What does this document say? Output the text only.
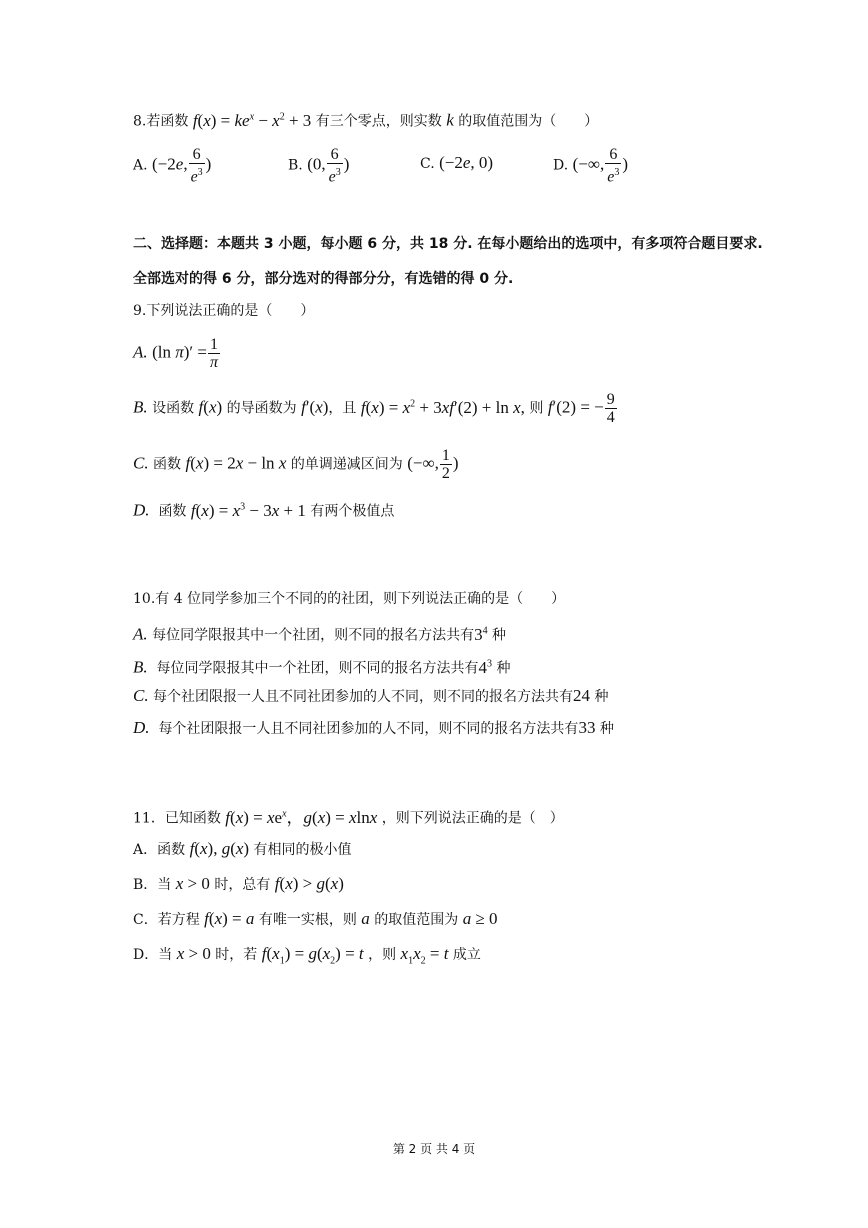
8.若函数 $f(x) = ke^x - x^2 + 3$ 有三个零点，则实数 k 的取值范围为（　　）
A. (−2e, $\frac{6}{e^3}$ )	B. (0, $\frac{6}{e^3}$ )	C. (−2e, 0)	D. (−∞, $\frac{6}{e^3}$ )
二、选择题：本题共 3 小题，每小题 6 分，共 18 分. 在每小题给出的选项中，有多项符合题目要求.
全部选对的得 6 分，部分选对的得部分分，有选错的得 0 分.
9.下列说法正确的是（　　）
A. (ln $\pi)' = \frac{1}{\pi}$
B. 设函数 f(x) 的导函数为 f′(x)，且 $f(x) = x^2 + 3xf'(2) + \ln x$, 则 f′(2) = − $\frac{9}{4}$
C. 函数 f(x) = 2x − ln x 的单调递减区间为 (−∞, $\frac{1}{2}$ )
D. 函数 $f(x) = x^3 - 3x + 1$ 有两个极值点
10.有 4 位同学参加三个不同的的社团，则下列说法正确的是（　　）
A. 每位同学限报其中一个社团，则不同的报名方法共有$3^4$ 种
B. 每位同学限报其中一个社团，则不同的报名方法共有$4^3$ 种
C. 每个社团限报一人且不同社团参加的人不同，则不同的报名方法共有24 种
D. 每个社团限报一人且不同社团参加的人不同，则不同的报名方法共有33 种
11．已知函数 $f(x) = xe^x$，g(x) = xlnx ，则下列说法正确的是（　）
A．函数 f(x), g(x) 有相同的极小值
B．当 x > 0 时，总有 f(x) > g(x)
C．若方程 f(x) = a 有唯一实根，则 a 的取值范围为 a ≥ 0
D．当 x > 0 时，若 $f(x_1) = g(x_2) = t$ ，则 $x_1x_2 = t$ 成立
第 2 页 共 4 页
